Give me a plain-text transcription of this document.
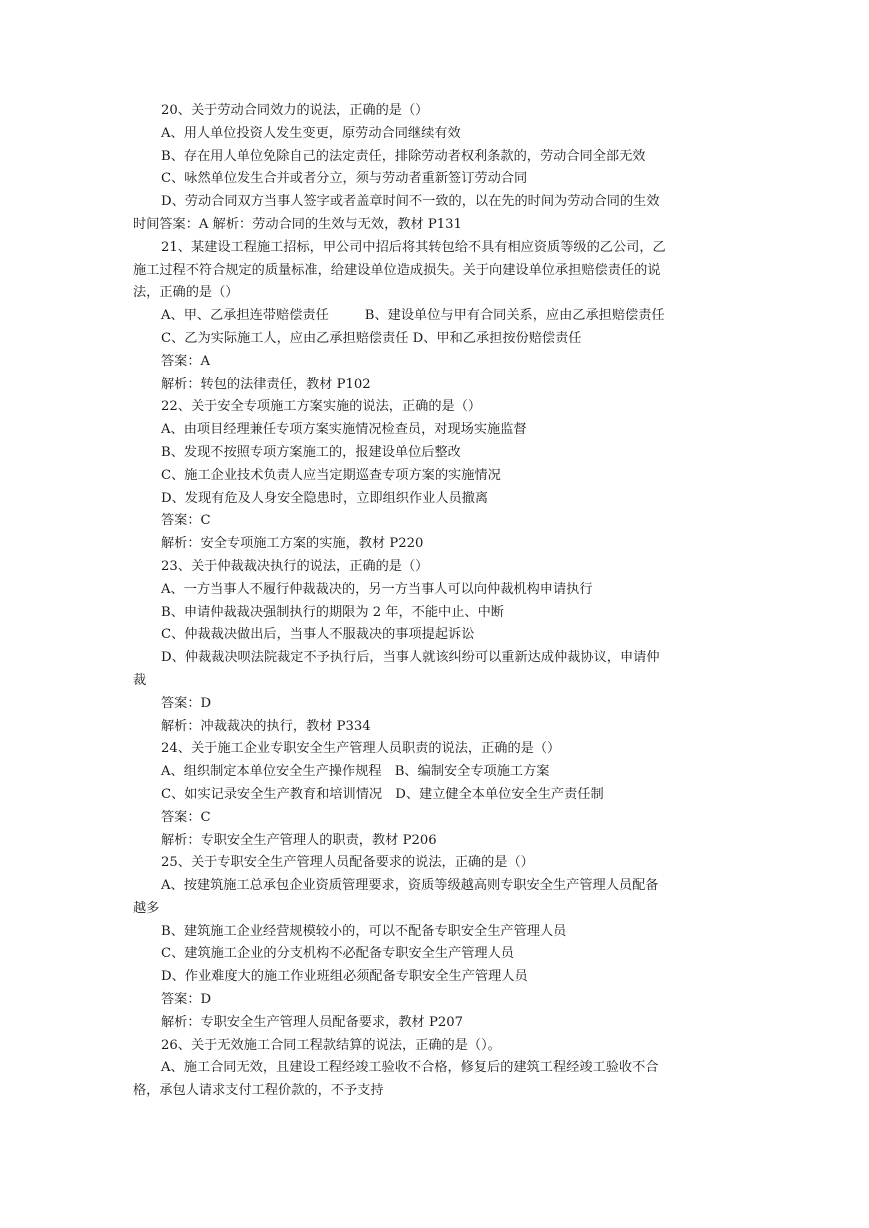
20、关于劳动合同效力的说法，正确的是（）
A、用人单位投资人发生变更，原劳动合同继续有效
B、存在用人单位免除自己的法定责任，排除劳动者权利条款的，劳动合同全部无效
C、咏然单位发生合并或者分立，须与劳动者重新签订劳动合同
D、劳动合同双方当事人签字或者盖章时间不一致的，以在先的时间为劳动合同的生效
时间答案：A 解析：劳动合同的生效与无效，教材 P131
21、某建设工程施工招标，甲公司中招后将其转包给不具有相应资质等级的乙公司，乙
施工过程不符合规定的质量标准，给建设单位造成损失。关于向建设单位承担赔偿责任的说
法，正确的是（）
A、甲、乙承担连带赔偿责任	B、建设单位与甲有合同关系，应由乙承担赔偿责任
C、乙为实际施工人，应由乙承担赔偿责任 D、甲和乙承担按份赔偿责任
答案：A
解析：转包的法律责任，教材 P102
22、关于安全专项施工方案实施的说法，正确的是（）
A、由项目经理兼任专项方案实施情况检查员，对现场实施监督
B、发现不按照专项方案施工的，报建设单位后整改
C、施工企业技术负责人应当定期巡查专项方案的实施情况
D、发现有危及人身安全隐患时，立即组织作业人员撤离
答案：C
解析：安全专项施工方案的实施，教材 P220
23、关于仲裁裁决执行的说法，正确的是（）
A、一方当事人不履行仲裁裁决的，另一方当事人可以向仲裁机构申请执行
B、申请仲裁裁决强制执行的期限为 2 年，不能中止、中断
C、仲裁裁决做出后，当事人不服裁决的事项提起诉讼
D、仲裁裁决呗法院裁定不予执行后，当事人就该纠纷可以重新达成仲裁协议，申请仲
裁
答案：D
解析：冲裁裁决的执行，教材 P334
24、关于施工企业专职安全生产管理人员职责的说法，正确的是（）
A、组织制定本单位安全生产操作规程　B、编制安全专项施工方案
C、如实记录安全生产教育和培训情况　D、建立健全本单位安全生产责任制
答案：C
解析：专职安全生产管理人的职责，教材 P206
25、关于专职安全生产管理人员配备要求的说法，正确的是（）
A、按建筑施工总承包企业资质管理要求，资质等级越高则专职安全生产管理人员配备
越多
B、建筑施工企业经营规模较小的，可以不配备专职安全生产管理人员
C、建筑施工企业的分支机构不必配备专职安全生产管理人员
D、作业难度大的施工作业班组必须配备专职安全生产管理人员
答案：D
解析：专职安全生产管理人员配备要求，教材 P207
26、关于无效施工合同工程款结算的说法，正确的是（）。
A、施工合同无效，且建设工程经竣工验收不合格，修复后的建筑工程经竣工验收不合
格，承包人请求支付工程价款的，不予支持
